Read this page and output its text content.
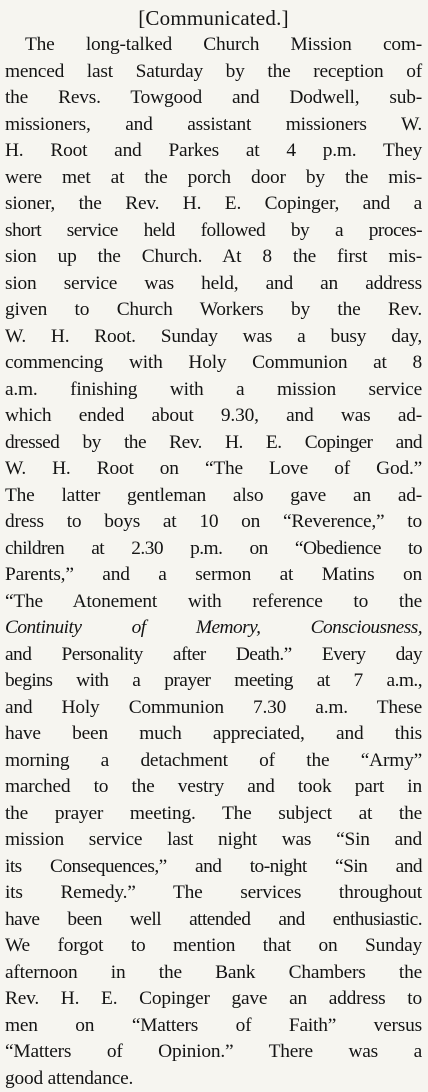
[Communicated.]
The long-talked Church Mission com-
menced last Saturday by the reception of
the Revs. Towgood and Dodwell, sub-
missioners, and assistant missioners W.
H. Root and Parkes at 4 p.m. They
were met at the porch door by the mis-
sioner, the Rev. H. E. Copinger, and a
short service held followed by a proces-
sion up the Church. At 8 the first mis-
sion service was held, and an address
given to Church Workers by the Rev.
W. H. Root. Sunday was a busy day,
commencing with Holy Communion at 8
a.m. finishing with a mission service
which ended about 9.30, and was ad-
dressed by the Rev. H. E. Copinger and
W. H. Root on “The Love of God.”
The latter gentleman also gave an ad-
dress to boys at 10 on “Reverence,” to
children at 2.30 p.m. on “Obedience to
Parents,” and a sermon at Matins on
“The Atonement with reference to the
Continuity of Memory, Consciousness,
and Personality after Death.” Every day
begins with a prayer meeting at 7 a.m.,
and Holy Communion 7.30 a.m. These
have been much appreciated, and this
morning a detachment of the “Army”
marched to the vestry and took part in
the prayer meeting. The subject at the
mission service last night was “Sin and
its Consequences,” and to-night “Sin and
its Remedy.” The services throughout
have been well attended and enthusiastic.
We forgot to mention that on Sunday
afternoon in the Bank Chambers the
Rev. H. E. Copinger gave an address to
men on “Matters of Faith” versus
“Matters of Opinion.” There was a
good attendance.
